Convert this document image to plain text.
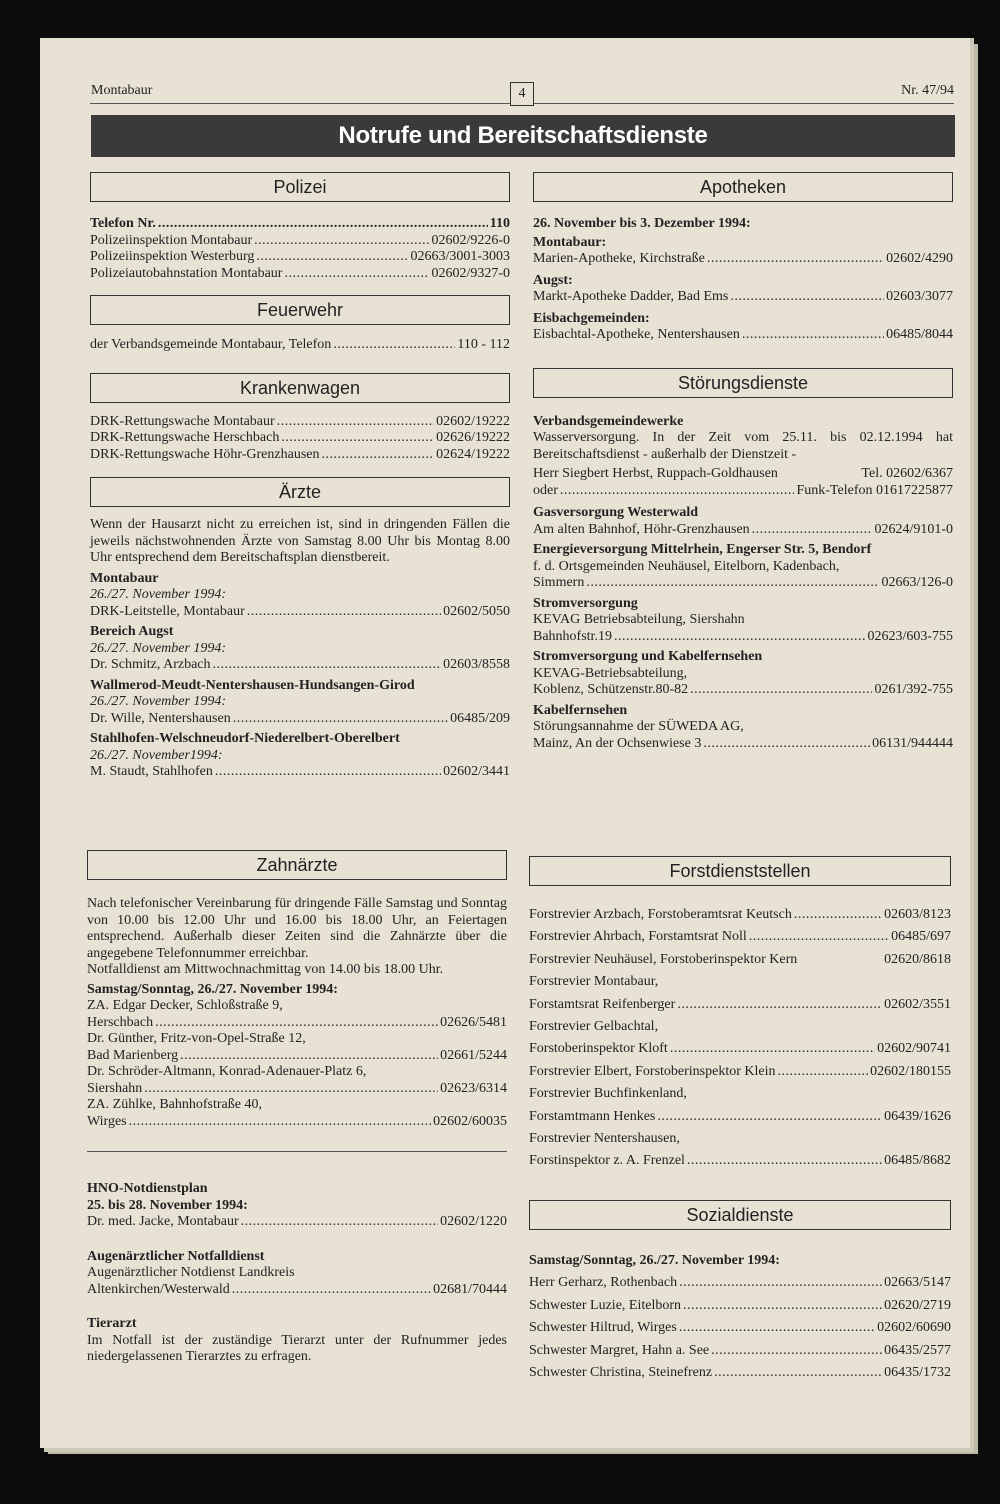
Montabaur	4	Nr. 47/94
Notrufe und Bereitschaftsdienste
Polizei
Telefon Nr. .....	110
Polizeiinspektion Montabaur .....	02602/9226-0
Polizeiinspektion Westerburg .....	02663/3001-3003
Polizeiautobahnstation Montabaur .....	02602/9327-0
Feuerwehr
der Verbandsgemeinde Montabaur, Telefon .....	110 - 112
Krankenwagen
DRK-Rettungswache Montabaur .....	02602/19222
DRK-Rettungswache Herschbach .....	02626/19222
DRK-Rettungswache Höhr-Grenzhausen .....	02624/19222
Ärzte
Wenn der Hausarzt nicht zu erreichen ist, sind in dringenden Fällen die jeweils nächstwohnenden Ärzte von Samstag 8.00 Uhr bis Montag 8.00 Uhr entsprechend dem Bereitschaftsplan dienstbereit.
Montabaur
26./27. November 1994:
DRK-Leitstelle, Montabaur .....	02602/5050
Bereich Augst
26./27. November 1994:
Dr. Schmitz, Arzbach .....	02603/8558
Wallmerod-Meudt-Nentershausen-Hundsangen-Girod
26./27. November 1994:
Dr. Wille, Nentershausen .....	06485/209
Stahlhofen-Welschneudorf-Niederelbert-Oberelbert
26./27. November1994:
M. Staudt, Stahlhofen .....	02602/3441
Zahnärzte
Nach telefonischer Vereinbarung für dringende Fälle Samstag und Sonntag von 10.00 bis 12.00 Uhr und 16.00 bis 18.00 Uhr, an Feiertagen entsprechend. Außerhalb dieser Zeiten sind die Zahnärzte über die angegebene Telefonnummer erreichbar.
Notfalldienst am Mittwochnachmittag von 14.00 bis 18.00 Uhr.
Samstag/Sonntag, 26./27. November 1994:
ZA. Edgar Decker, Schloßstraße 9,
Herschbach .....	02626/5481
Dr. Günther, Fritz-von-Opel-Straße 12,
Bad Marienberg .....	02661/5244
Dr. Schröder-Altmann, Konrad-Adenauer-Platz 6,
Siershahn .....	02623/6314
ZA. Zühlke, Bahnhofstraße 40,
Wirges .....	02602/60035
HNO-Notdienstplan
25. bis 28. November 1994:
Dr. med. Jacke, Montabaur .....	02602/1220
Augenärztlicher Notfalldienst
Augenärztlicher Notdienst Landkreis
Altenkirchen/Westerwald .....	02681/70444
Tierarzt
Im Notfall ist der zuständige Tierarzt unter der Rufnummer jedes niedergelassenen Tierarztes zu erfragen.
Apotheken
26. November bis 3. Dezember 1994:
Montabaur:
Marien-Apotheke, Kirchstraße .....	02602/4290
Augst:
Markt-Apotheke Dadder, Bad Ems .....	02603/3077
Eisbachgemeinden:
Eisbachtal-Apotheke, Nentershausen .....	06485/8044
Störungsdienste
Verbandsgemeindewerke
Wasserversorgung. In der Zeit vom 25.11. bis 02.12.1994 hat Bereitschaftsdienst - außerhalb der Dienstzeit -
Herr Siegbert Herbst, Ruppach-Goldhausen	Tel. 02602/6367
oder .....	Funk-Telefon 01617225877
Gasversorgung Westerwald
Am alten Bahnhof, Höhr-Grenzhausen .....	02624/9101-0
Energieversorgung Mittelrhein, Engerser Str. 5, Bendorf
f. d. Ortsgemeinden Neuhäusel, Eitelborn, Kadenbach,
Simmern .....	02663/126-0
Stromversorgung
KEVAG Betriebsabteilung, Siershahn
Bahnhofstr.19 .....	02623/603-755
Stromversorgung und Kabelfernsehen
KEVAG-Betriebsabteilung,
Koblenz, Schützenstr.80-82 .....	0261/392-755
Kabelfernsehen
Störungsannahme der SÜWEDA AG,
Mainz, An der Ochsenwiese 3 .....	06131/944444
Forstdienststellen
Forstrevier Arzbach, Forstoberamtsrat Keutsch .....	02603/8123
Forstrevier Ahrbach, Forstamtsrat Noll .....	06485/697
Forstrevier Neuhäusel, Forstoberinspektor Kern	02620/8618
Forstrevier Montabaur,
Forstamtsrat Reifenberger .....	02602/3551
Forstrevier Gelbachtal,
Forstoberinspektor Kloft .....	02602/90741
Forstrevier Elbert, Forstoberinspektor Klein .....	02602/180155
Forstrevier Buchfinkenland,
Forstamtmann Henkes .....	06439/1626
Forstrevier Nentershausen,
Forstinspektor z. A. Frenzel .....	06485/8682
Sozialdienste
Samstag/Sonntag, 26./27. November 1994:
Herr Gerharz, Rothenbach .....	02663/5147
Schwester Luzie, Eitelborn .....	02620/2719
Schwester Hiltrud, Wirges .....	02602/60690
Schwester Margret, Hahn a. See .....	06435/2577
Schwester Christina, Steinefrenz .....	06435/1732
